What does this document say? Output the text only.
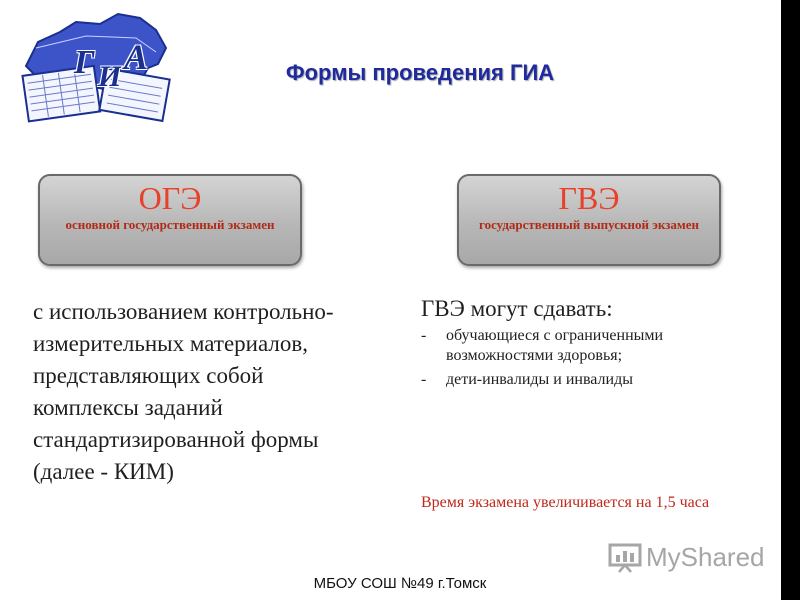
Г И А	Формы проведения ГИА
ОГЭ
основной государственный экзамен
ГВЭ
государственный выпускной экзамен
с использованием контрольно-измерительных материалов, представляющих собой комплексы заданий стандартизированной формы (далее - КИМ)
ГВЭ могут сдавать:
- обучающиеся с ограниченными возможностями здоровья;
- дети-инвалиды и инвалиды
Время экзамена увеличивается на 1,5 часа
MyShared
МБОУ СОШ №49 г.Томск
